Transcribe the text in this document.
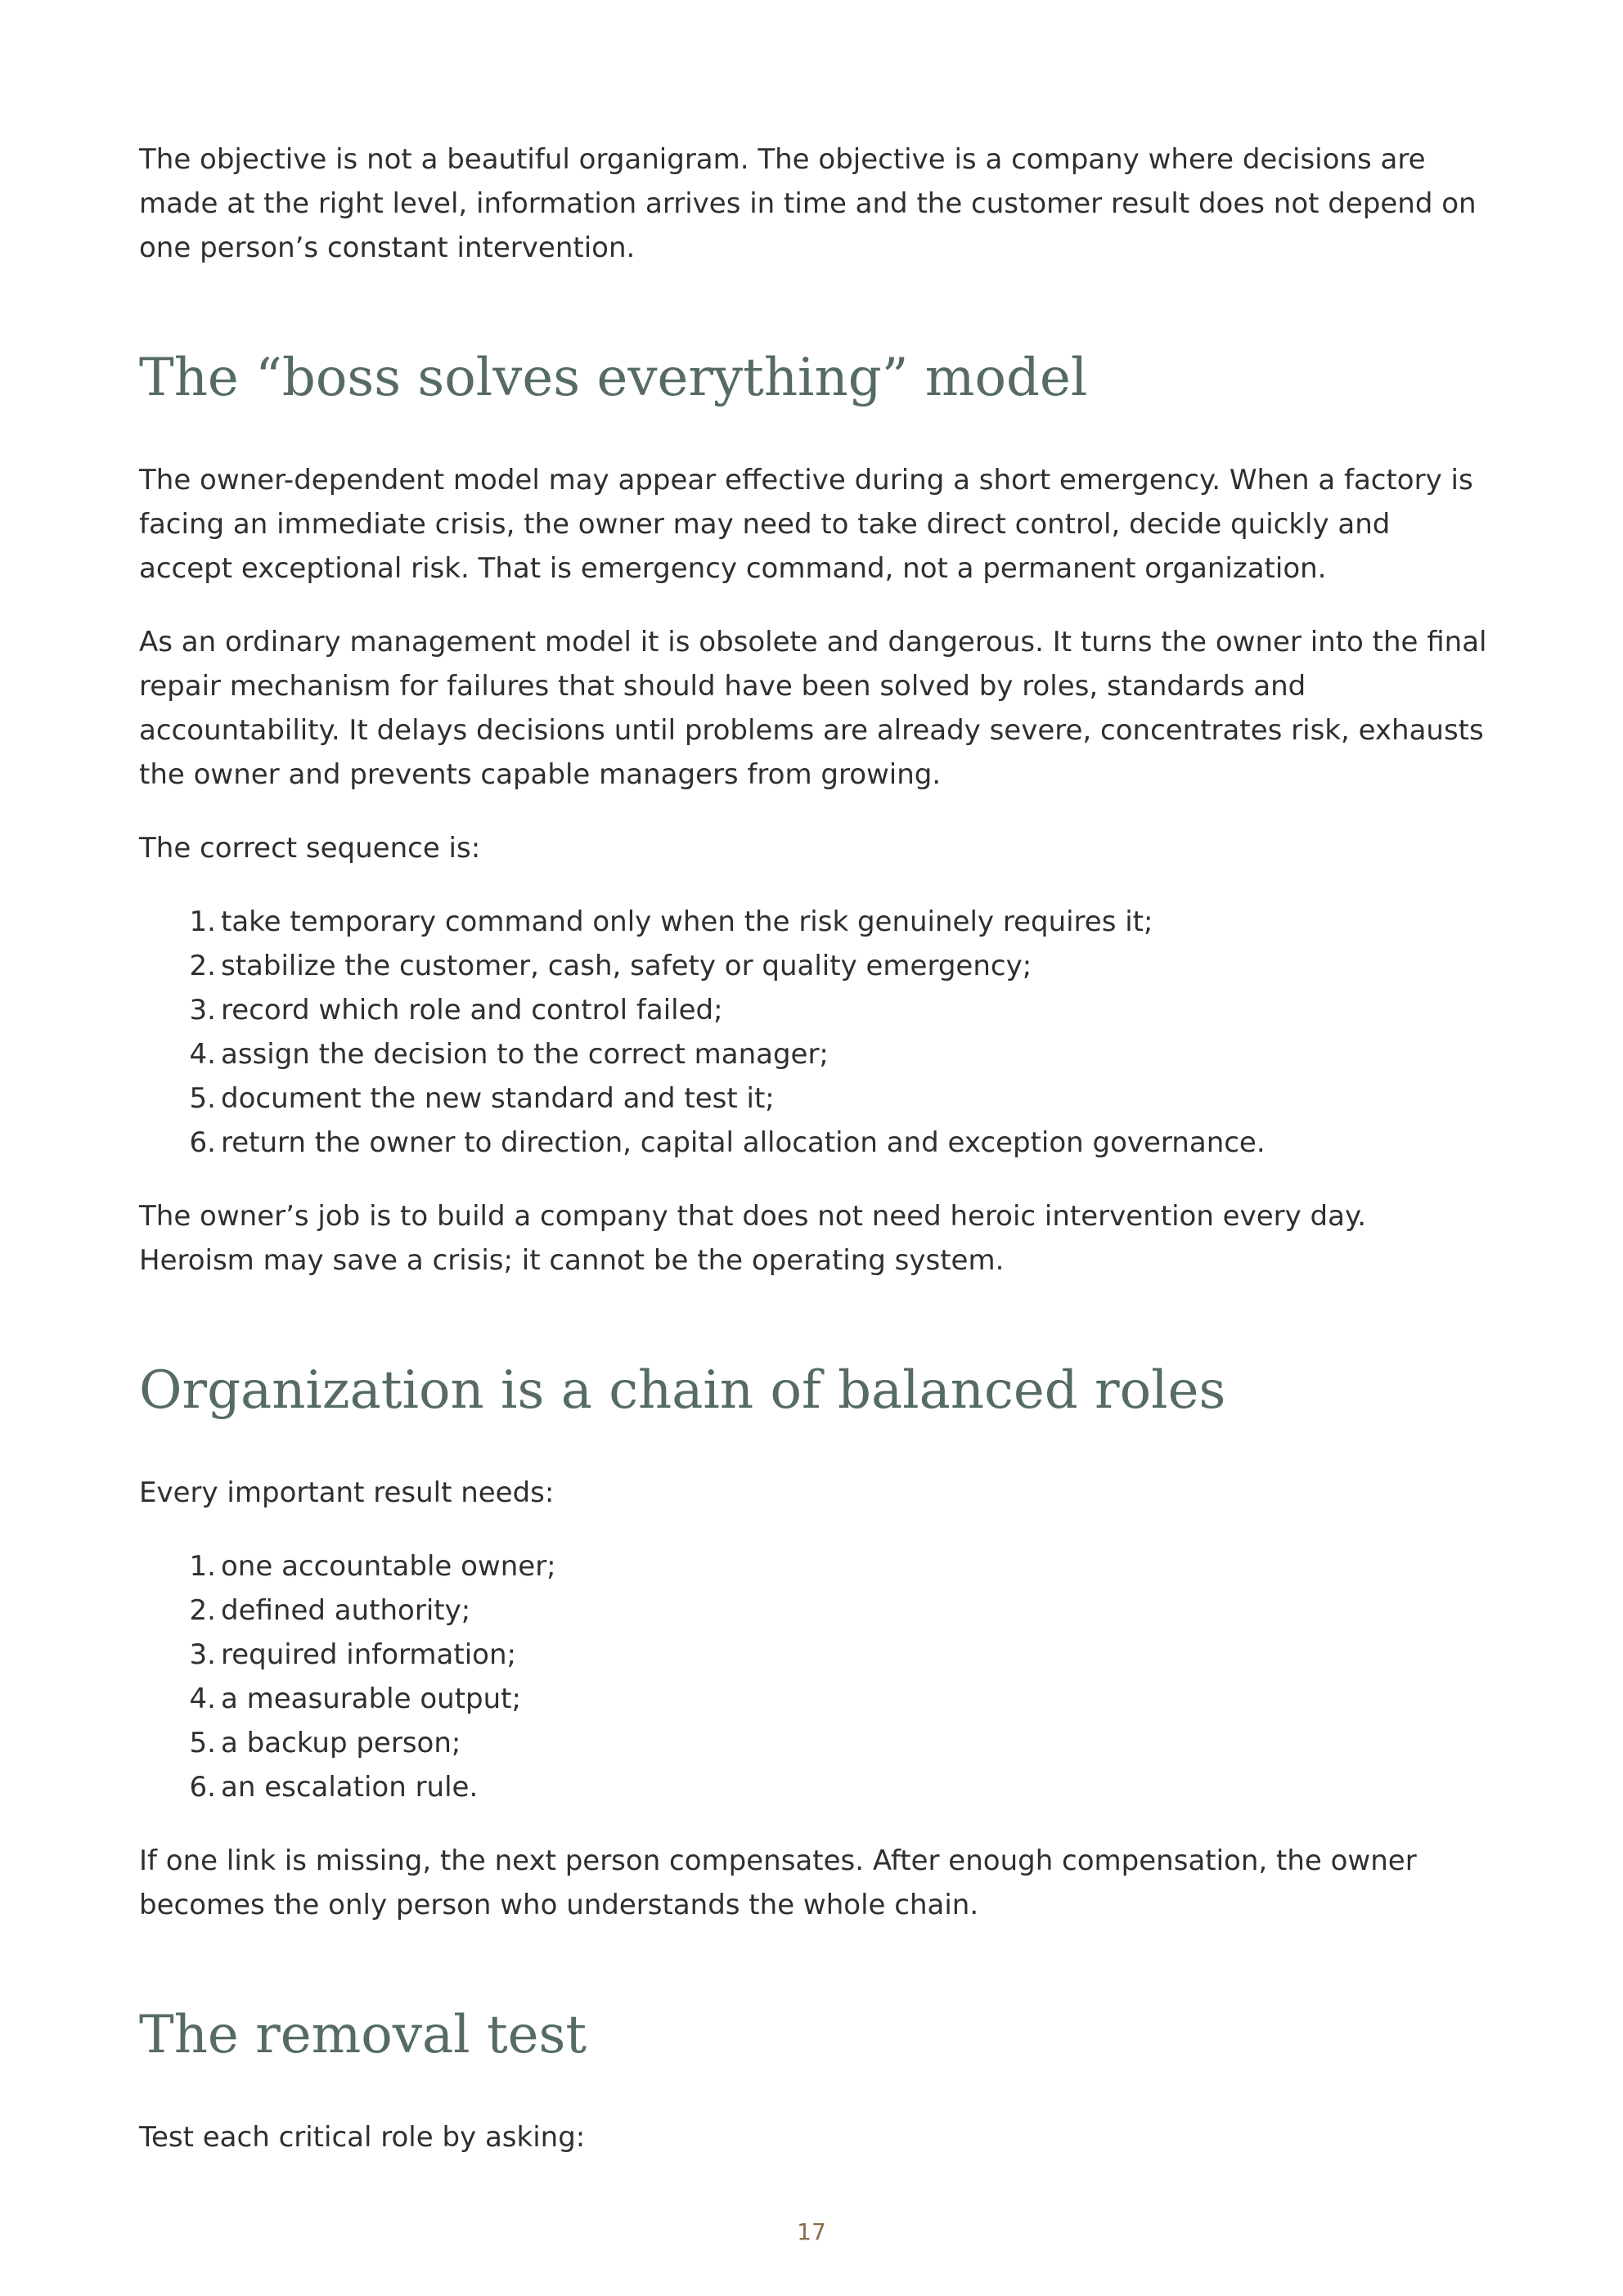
The objective is not a beautiful organigram. The objective is a company where decisions are made at the right level, information arrives in time and the customer result does not depend on one person’s constant intervention.

The “boss solves everything” model

The owner-dependent model may appear effective during a short emergency. When a factory is facing an immediate crisis, the owner may need to take direct control, decide quickly and accept exceptional risk. That is emergency command, not a permanent organization.

As an ordinary management model it is obsolete and dangerous. It turns the owner into the final repair mechanism for failures that should have been solved by roles, standards and accountability. It delays decisions until problems are already severe, concentrates risk, exhausts the owner and prevents capable managers from growing.

The correct sequence is:

1. take temporary command only when the risk genuinely requires it;
2. stabilize the customer, cash, safety or quality emergency;
3. record which role and control failed;
4. assign the decision to the correct manager;
5. document the new standard and test it;
6. return the owner to direction, capital allocation and exception governance.

The owner’s job is to build a company that does not need heroic intervention every day. Heroism may save a crisis; it cannot be the operating system.

Organization is a chain of balanced roles

Every important result needs:

1. one accountable owner;
2. defined authority;
3. required information;
4. a measurable output;
5. a backup person;
6. an escalation rule.

If one link is missing, the next person compensates. After enough compensation, the owner becomes the only person who understands the whole chain.

The removal test

Test each critical role by asking:

17
